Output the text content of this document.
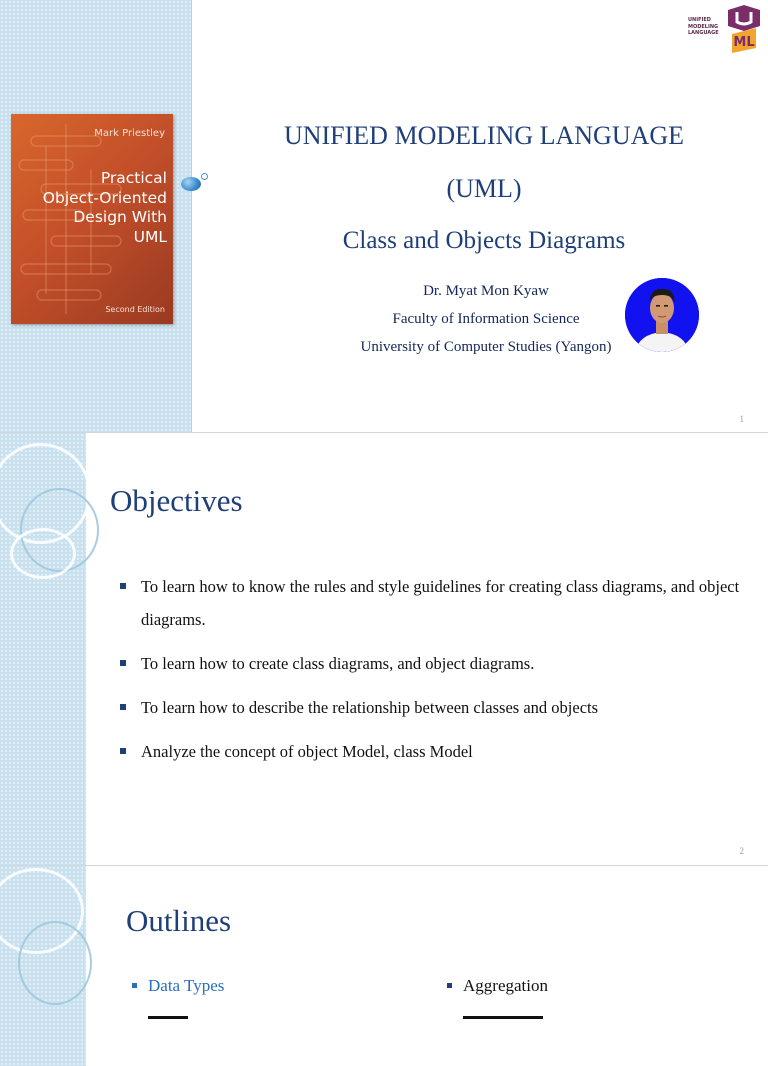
Mark Priestley
Practical
Object-Oriented
Design With
UML
Second Edition
UNIFIED
MODELING
LANGUAGE
ML
UNIFIED MODELING LANGUAGE
(UML)
Class and Objects Diagrams
Dr. Myat Mon Kyaw
Faculty of Information Science
University of Computer Studies (Yangon)
1
Objectives
To learn how to know the rules and style guidelines for creating class diagrams, and object diagrams.
To learn how to create class diagrams, and object diagrams.
To learn how to describe the relationship between classes and objects
Analyze the concept of object Model, class Model
2
Outlines
Data Types	Aggregation
